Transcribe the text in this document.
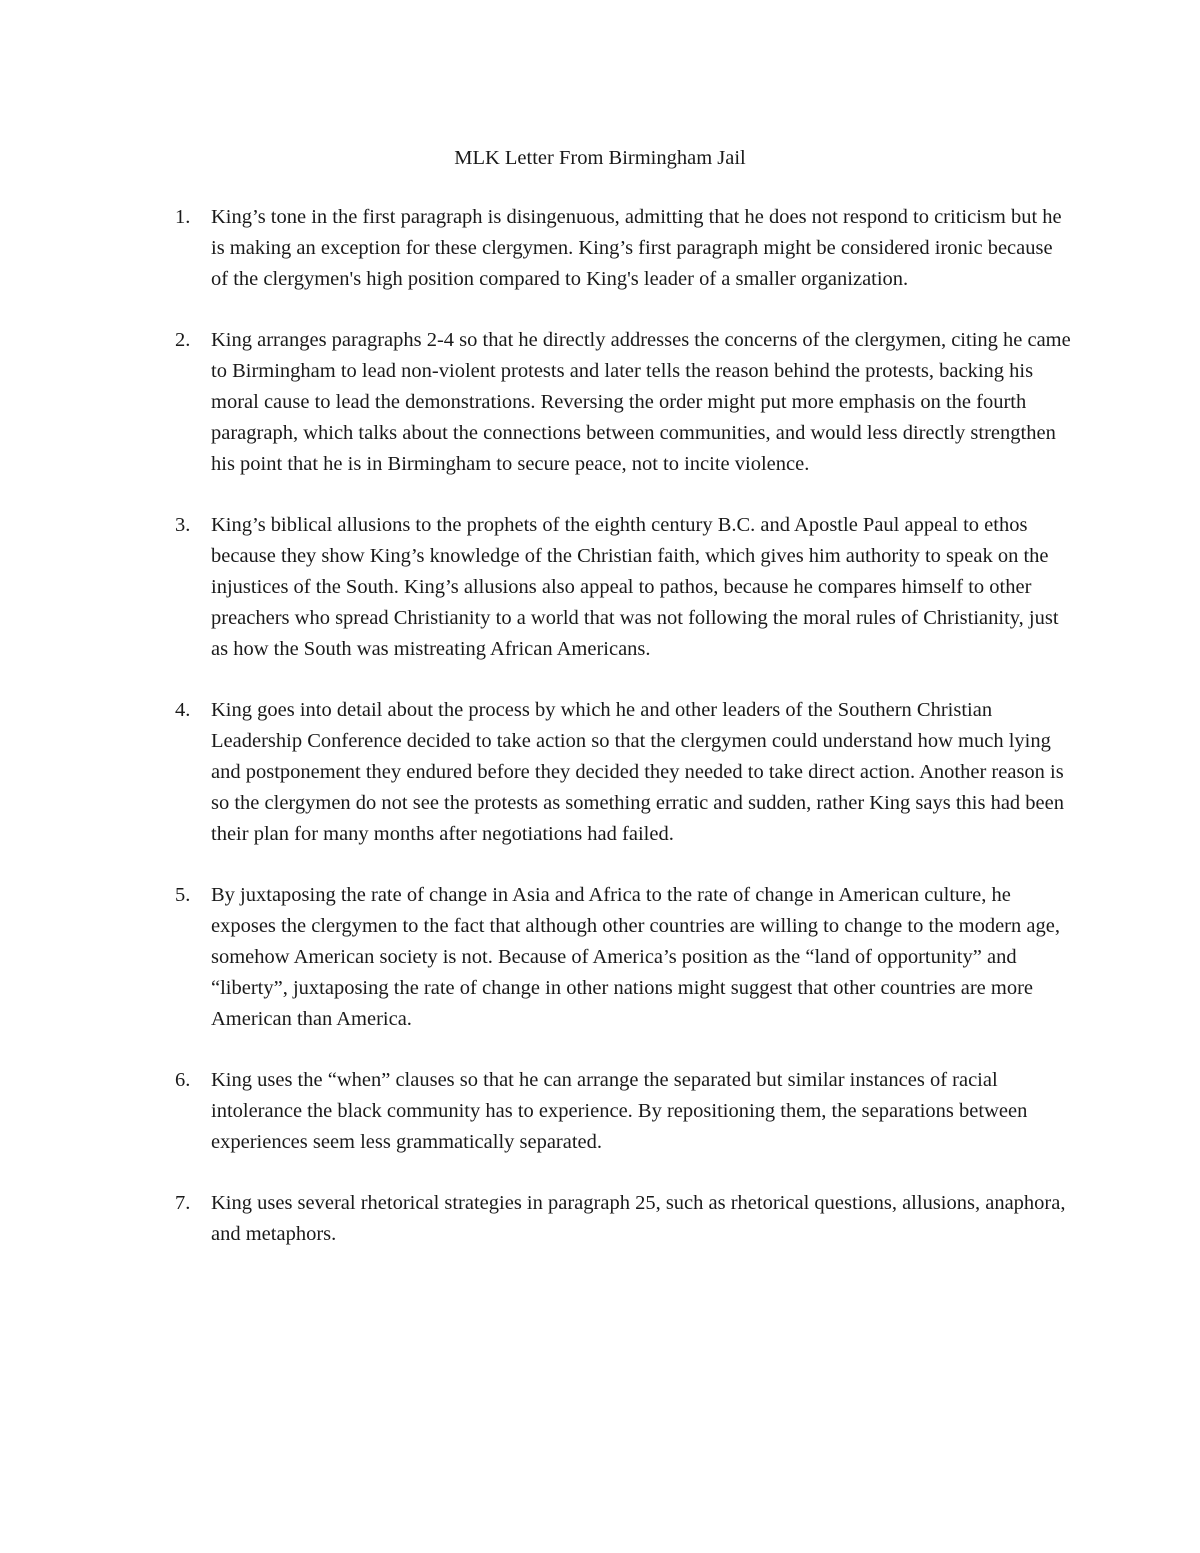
MLK Letter From Birmingham Jail
1. King’s tone in the first paragraph is disingenuous, admitting that he does not respond to criticism but he is making an exception for these clergymen. King’s first paragraph might be considered ironic because of the clergymen's high position compared to King's leader of a smaller organization.
2. King arranges paragraphs 2-4 so that he directly addresses the concerns of the clergymen, citing he came to Birmingham to lead non-violent protests and later tells the reason behind the protests, backing his moral cause to lead the demonstrations. Reversing the order might put more emphasis on the fourth paragraph, which talks about the connections between communities, and would less directly strengthen his point that he is in Birmingham to secure peace, not to incite violence.
3. King’s biblical allusions to the prophets of the eighth century B.C. and Apostle Paul appeal to ethos because they show King’s knowledge of the Christian faith, which gives him authority to speak on the injustices of the South. King’s allusions also appeal to pathos, because he compares himself to other preachers who spread Christianity to a world that was not following the moral rules of Christianity, just as how the South was mistreating African Americans.
4. King goes into detail about the process by which he and other leaders of the Southern Christian Leadership Conference decided to take action so that the clergymen could understand how much lying and postponement they endured before they decided they needed to take direct action. Another reason is so the clergymen do not see the protests as something erratic and sudden, rather King says this had been their plan for many months after negotiations had failed.
5. By juxtaposing the rate of change in Asia and Africa to the rate of change in American culture, he exposes the clergymen to the fact that although other countries are willing to change to the modern age, somehow American society is not. Because of America’s position as the “land of opportunity” and “liberty”, juxtaposing the rate of change in other nations might suggest that other countries are more American than America.
6. King uses the “when” clauses so that he can arrange the separated but similar instances of racial intolerance the black community has to experience. By repositioning them, the separations between experiences seem less grammatically separated.
7. King uses several rhetorical strategies in paragraph 25, such as rhetorical questions, allusions, anaphora, and metaphors.
